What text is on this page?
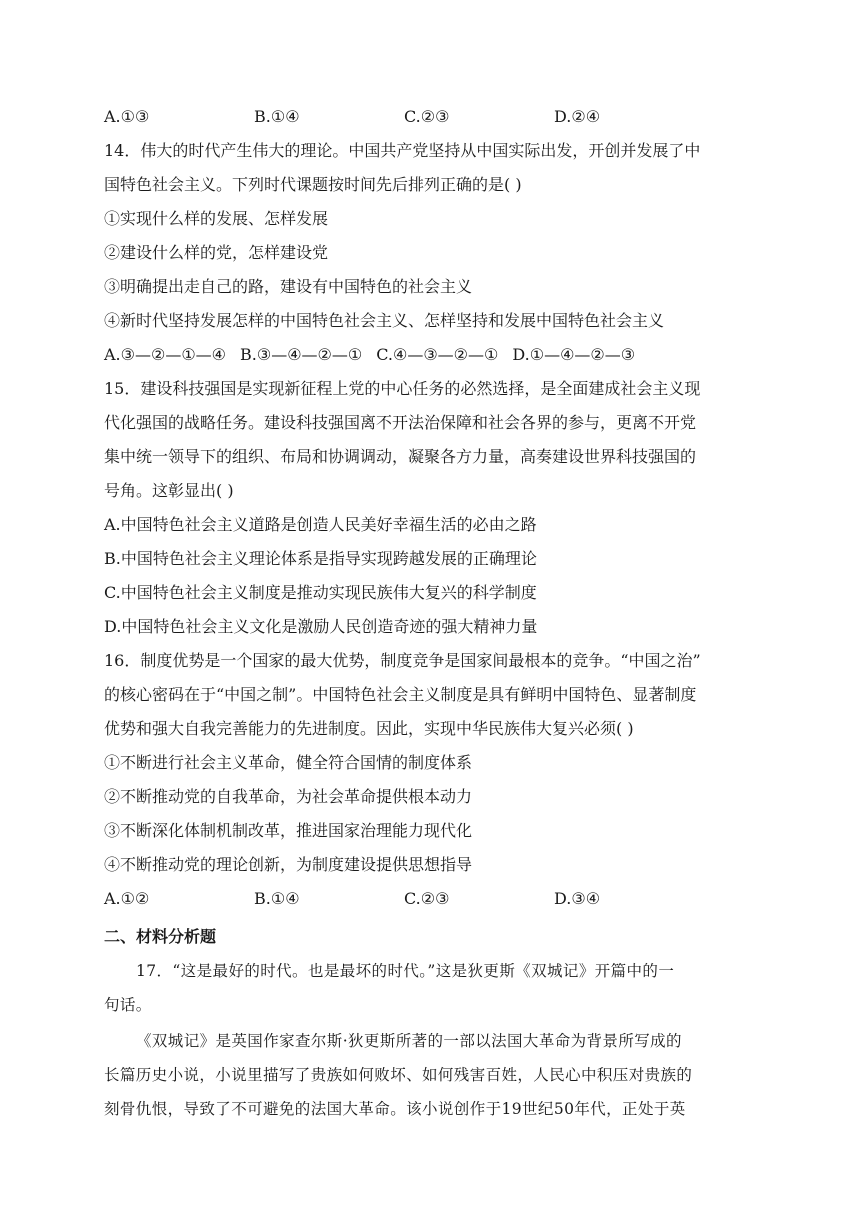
A.①③	B.①④	C.②③	D.②④
14．伟大的时代产生伟大的理论。中国共产党坚持从中国实际出发，开创并发展了中
国特色社会主义。下列时代课题按时间先后排列正确的是( )
①实现什么样的发展、怎样发展
②建设什么样的党，怎样建设党
③明确提出走自己的路，建设有中国特色的社会主义
④新时代坚持发展怎样的中国特色社会主义、怎样坚持和发展中国特色社会主义
A.③—②—①—④ B.③—④—②—① C.④—③—②—① D.①—④—②—③
15．建设科技强国是实现新征程上党的中心任务的必然选择，是全面建成社会主义现
代化强国的战略任务。建设科技强国离不开法治保障和社会各界的参与，更离不开党
集中统一领导下的组织、布局和协调调动，凝聚各方力量，高奏建设世界科技强国的
号角。这彰显出( )
A.中国特色社会主义道路是创造人民美好幸福生活的必由之路
B.中国特色社会主义理论体系是指导实现跨越发展的正确理论
C.中国特色社会主义制度是推动实现民族伟大复兴的科学制度
D.中国特色社会主义文化是激励人民创造奇迹的强大精神力量
16．制度优势是一个国家的最大优势，制度竞争是国家间最根本的竞争。“中国之治”
的核心密码在于“中国之制”。中国特色社会主义制度是具有鲜明中国特色、显著制度
优势和强大自我完善能力的先进制度。因此，实现中华民族伟大复兴必须( )
①不断进行社会主义革命，健全符合国情的制度体系
②不断推动党的自我革命，为社会革命提供根本动力
③不断深化体制机制改革，推进国家治理能力现代化
④不断推动党的理论创新，为制度建设提供思想指导
A.①②	B.①④	C.②③	D.③④
二、材料分析题
17．“这是最好的时代。也是最坏的时代。”这是狄更斯《双城记》开篇中的一
句话。
《双城记》是英国作家查尔斯·狄更斯所著的一部以法国大革命为背景所写成的
长篇历史小说，小说里描写了贵族如何败坏、如何残害百姓，人民心中积压对贵族的
刻骨仇恨，导致了不可避免的法国大革命。该小说创作于19世纪50年代，正处于英
